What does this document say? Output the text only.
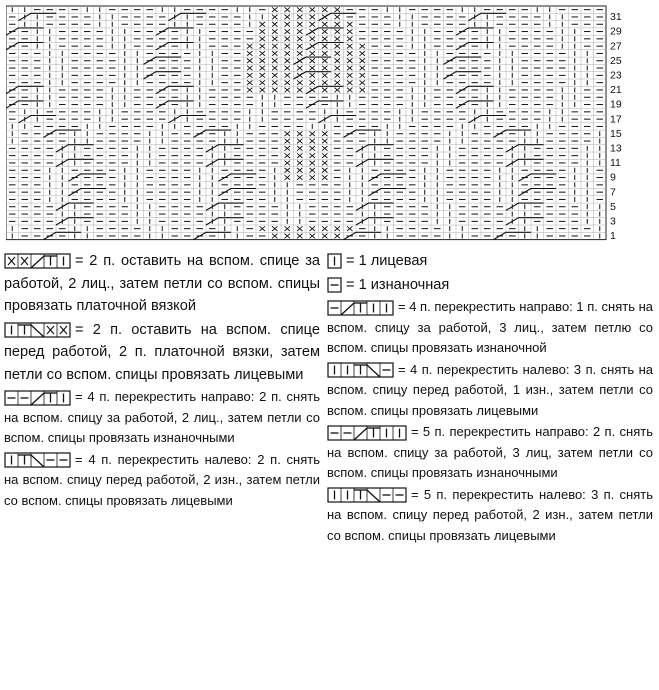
1
3
5
7
9
11
13
15
17
19
21
23
25
27
29
31
= 2 п. оставить на вспом. спице за работой, 2 лиц., затем петли со вспом. спицы провязать платочной вязкой
= 2 п. оставить на вспом. спице перед работой, 2 п. платочной вязки, затем петли со вспом. спицы провязать лицевыми
= 4 п. перекрестить направо: 2 п. снять на вспом. спицу за работой, 2 лиц., затем петли со вспом. спицы провязать изнаночными
= 4 п. перекрестить налево: 2 п. снять на вспом. спицу перед работой, 2 изн., затем петли со вспом. спицы провязать лицевыми
= 1 лицевая
= 1 изнаночная
= 4 п. перекрестить направо: 1 п. снять на вспом. спицу за работой, 3 лиц., затем петлю со вспом. спицы провязать изнаночной
= 4 п. перекрестить налево: 3 п. снять на вспом. спицу перед работой, 1 изн., затем петли со вспом. спицы провязать лицевыми
= 5 п. перекрестить направо: 2 п. снять на вспом. спицу за работой, 3 лиц, затем петли со вспом. спицы провязать изнаночными
= 5 п. перекрестить налево: 3 п. снять на вспом. спицу перед работой, 2 изн., затем петли со вспом. спицы провязать лицевыми
